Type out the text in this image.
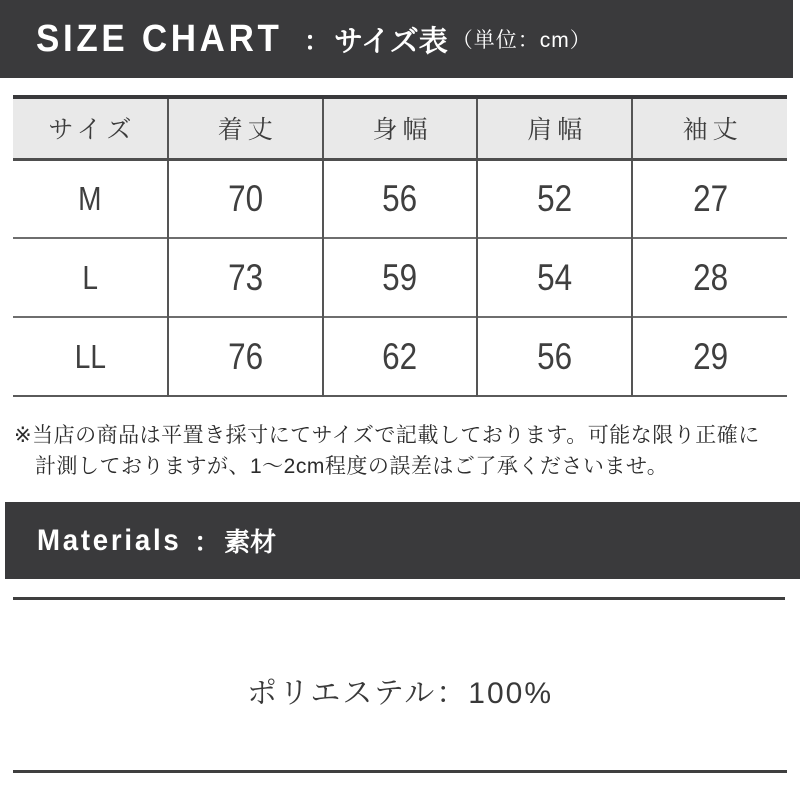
SIZE CHART ： サイズ表 （単位：cm）
サイズ	着丈	身幅	肩幅	袖丈
M	70	56	52	27
L	73	59	54	28
LL	76	62	56	29
※当店の商品は平置き採寸にてサイズで記載しております。可能な限り正確に
計測しておりますが、1〜2cm程度の誤差はご了承くださいませ。
Materials ： 素材
ポリエステル：100%
